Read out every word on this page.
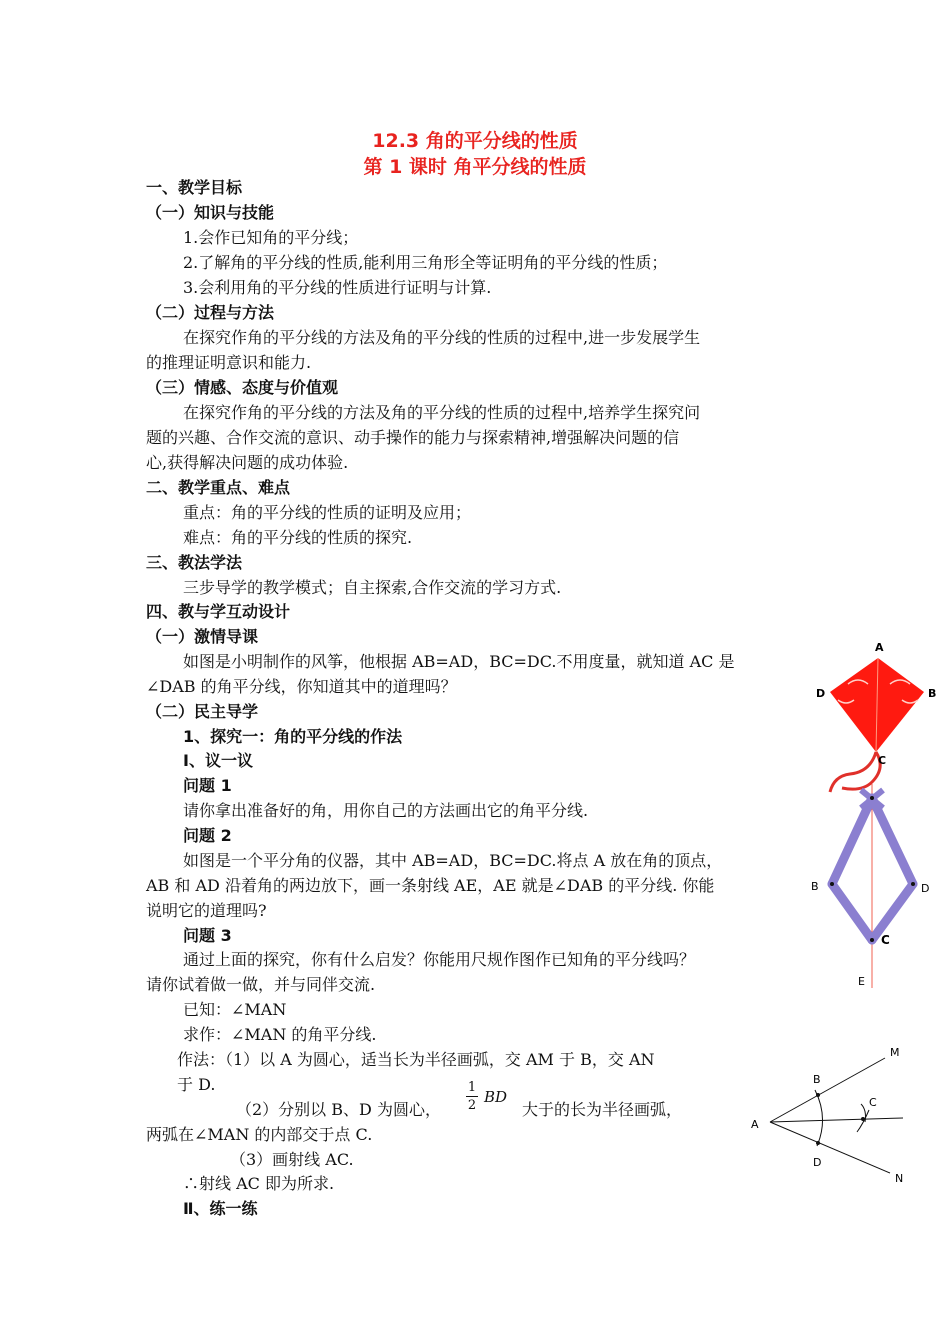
12.3 角的平分线的性质
第 1 课时 角平分线的性质
一、教学目标
（一）知识与技能
1.会作已知角的平分线；
2.了解角的平分线的性质,能利用三角形全等证明角的平分线的性质；
3.会利用角的平分线的性质进行证明与计算.
（二）过程与方法
在探究作角的平分线的方法及角的平分线的性质的过程中,进一步发展学生
的推理证明意识和能力.
（三）情感、态度与价值观
在探究作角的平分线的方法及角的平分线的性质的过程中,培养学生探究问
题的兴趣、合作交流的意识、动手操作的能力与探索精神,增强解决问题的信
心,获得解决问题的成功体验.
二、教学重点、难点
重点：角的平分线的性质的证明及应用；
难点：角的平分线的性质的探究.
三、教法学法
三步导学的教学模式；自主探索,合作交流的学习方式.
四、教与学互动设计
（一）激情导课
如图是小明制作的风筝，他根据 AB=AD，BC=DC.不用度量，就知道 AC 是
∠DAB 的角平分线，你知道其中的道理吗？
（二）民主导学
1、探究一：角的平分线的作法
Ⅰ、议一议
问题 1
请你拿出准备好的角，用你自己的方法画出它的角平分线.
问题 2
如图是一个平分角的仪器，其中 AB=AD，BC=DC.将点 A 放在角的顶点，
AB 和 AD 沿着角的两边放下，画一条射线 AE，AE 就是∠DAB 的平分线. 你能
说明它的道理吗?
问题 3
通过上面的探究，你有什么启发？你能用尺规作图作已知角的平分线吗？
请你试着做一做，并与同伴交流.
已知：∠MAN
求作：∠MAN 的角平分线.
作法：（1）以 A 为圆心，适当长为半径画弧，交 AM 于 B，交 AN
于 D.
（2）分别以 B、D 为圆心，
1
2 BD
大于的长为半径画弧，
两弧在∠MAN 的内部交于点 C.
（3）画射线 AC.
∴射线 AC 即为所求.
Ⅱ、练一练
A
B
C
D
B
C
D
E
M
A
B
C
D
N
